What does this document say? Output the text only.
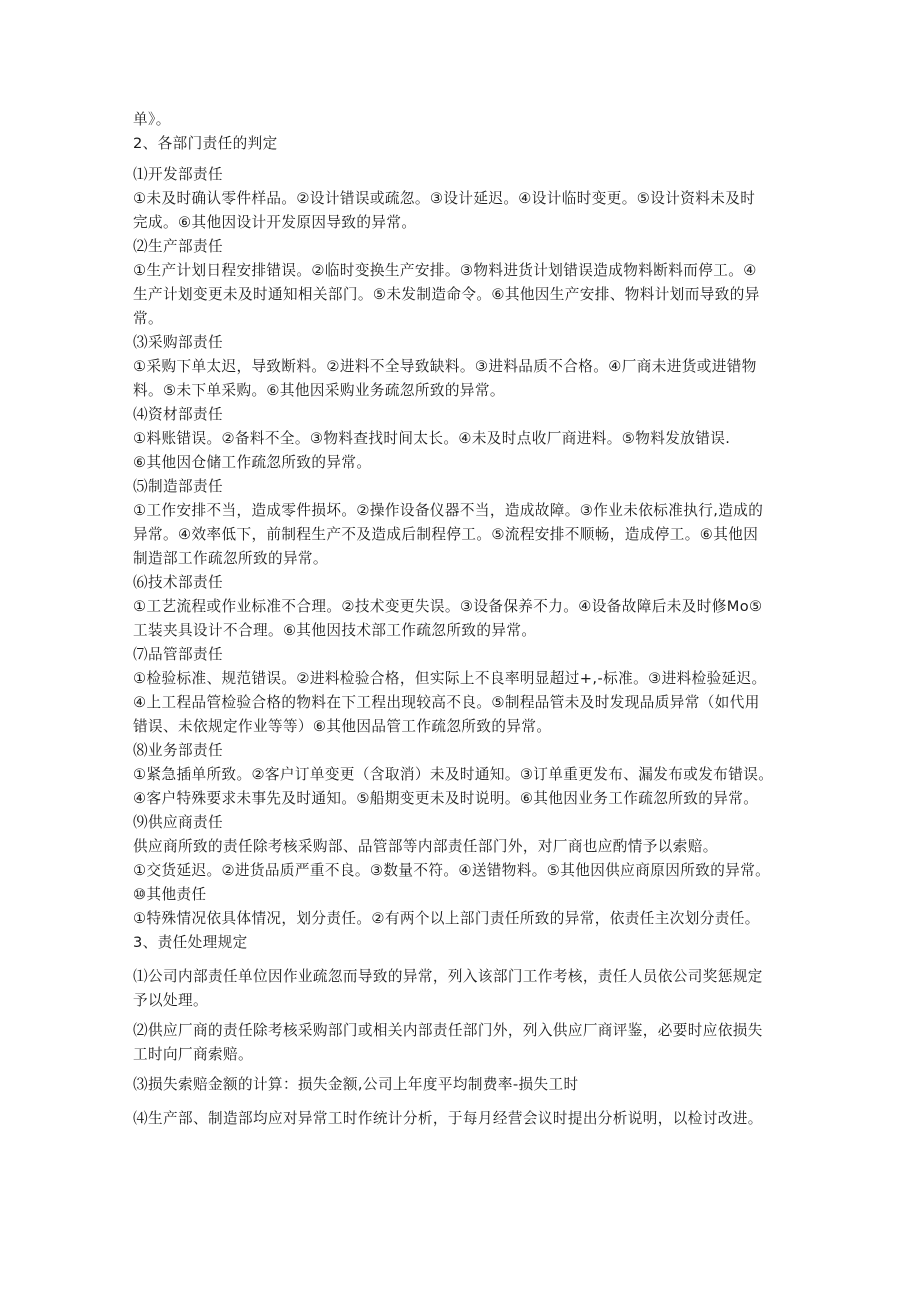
单》。
2、各部门责任的判定
⑴开发部责任
①未及时确认零件样品。②设计错误或疏忽。③设计延迟。④设计临时变更。⑤设计资料未及时
完成。⑥其他因设计开发原因导致的异常。
⑵生产部责任
①生产计划日程安排错误。②临时变换生产安排。③物料进货计划错误造成物料断料而停工。④
生产计划变更未及时通知相关部门。⑤未发制造命令。⑥其他因生产安排、物料计划而导致的异
常。
⑶采购部责任
①采购下单太迟，导致断料。②进料不全导致缺料。③进料品质不合格。④厂商未进货或进错物
料。⑤未下单采购。⑥其他因采购业务疏忽所致的异常。
⑷资材部责任
①料账错误。②备料不全。③物料查找时间太长。④未及时点收厂商进料。⑤物料发放错误.
⑥其他因仓储工作疏忽所致的异常。
⑸制造部责任
①工作安排不当，造成零件损坏。②操作设备仪器不当，造成故障。③作业未依标准执行,造成的
异常。④效率低下，前制程生产不及造成后制程停工。⑤流程安排不顺畅，造成停工。⑥其他因
制造部工作疏忽所致的异常。
⑹技术部责任
①工艺流程或作业标准不合理。②技术变更失误。③设备保养不力。④设备故障后未及时修Mo⑤
工装夹具设计不合理。⑥其他因技术部工作疏忽所致的异常。
⑺品管部责任
①检验标准、规范错误。②进料检验合格，但实际上不良率明显超过+,-标准。③进料检验延迟。
④上工程品管检验合格的物料在下工程出现较高不良。⑤制程品管未及时发现品质异常（如代用
错误、未依规定作业等等）⑥其他因品管工作疏忽所致的异常。
⑻业务部责任
①紧急插单所致。②客户订单变更（含取消）未及时通知。③订单重更发布、漏发布或发布错误。
④客户特殊要求未事先及时通知。⑤船期变更未及时说明。⑥其他因业务工作疏忽所致的异常。
⑼供应商责任
供应商所致的责任除考核采购部、品管部等内部责任部门外，对厂商也应酌情予以索赔。
①交货延迟。②进货品质严重不良。③数量不符。④送错物料。⑤其他因供应商原因所致的异常。
⑩其他责任
①特殊情况依具体情况，划分责任。②有两个以上部门责任所致的异常，依责任主次划分责任。
3、责任处理规定
⑴公司内部责任单位因作业疏忽而导致的异常，列入该部门工作考核，责任人员依公司奖惩规定
予以处理。
⑵供应厂商的责任除考核采购部门或相关内部责任部门外，列入供应厂商评鉴，必要时应依损失
工时向厂商索赔。
⑶损失索赔金额的计算：损失金额,公司上年度平均制费率-损失工时
⑷生产部、制造部均应对异常工时作统计分析，于每月经营会议时提出分析说明，以检讨改进。
